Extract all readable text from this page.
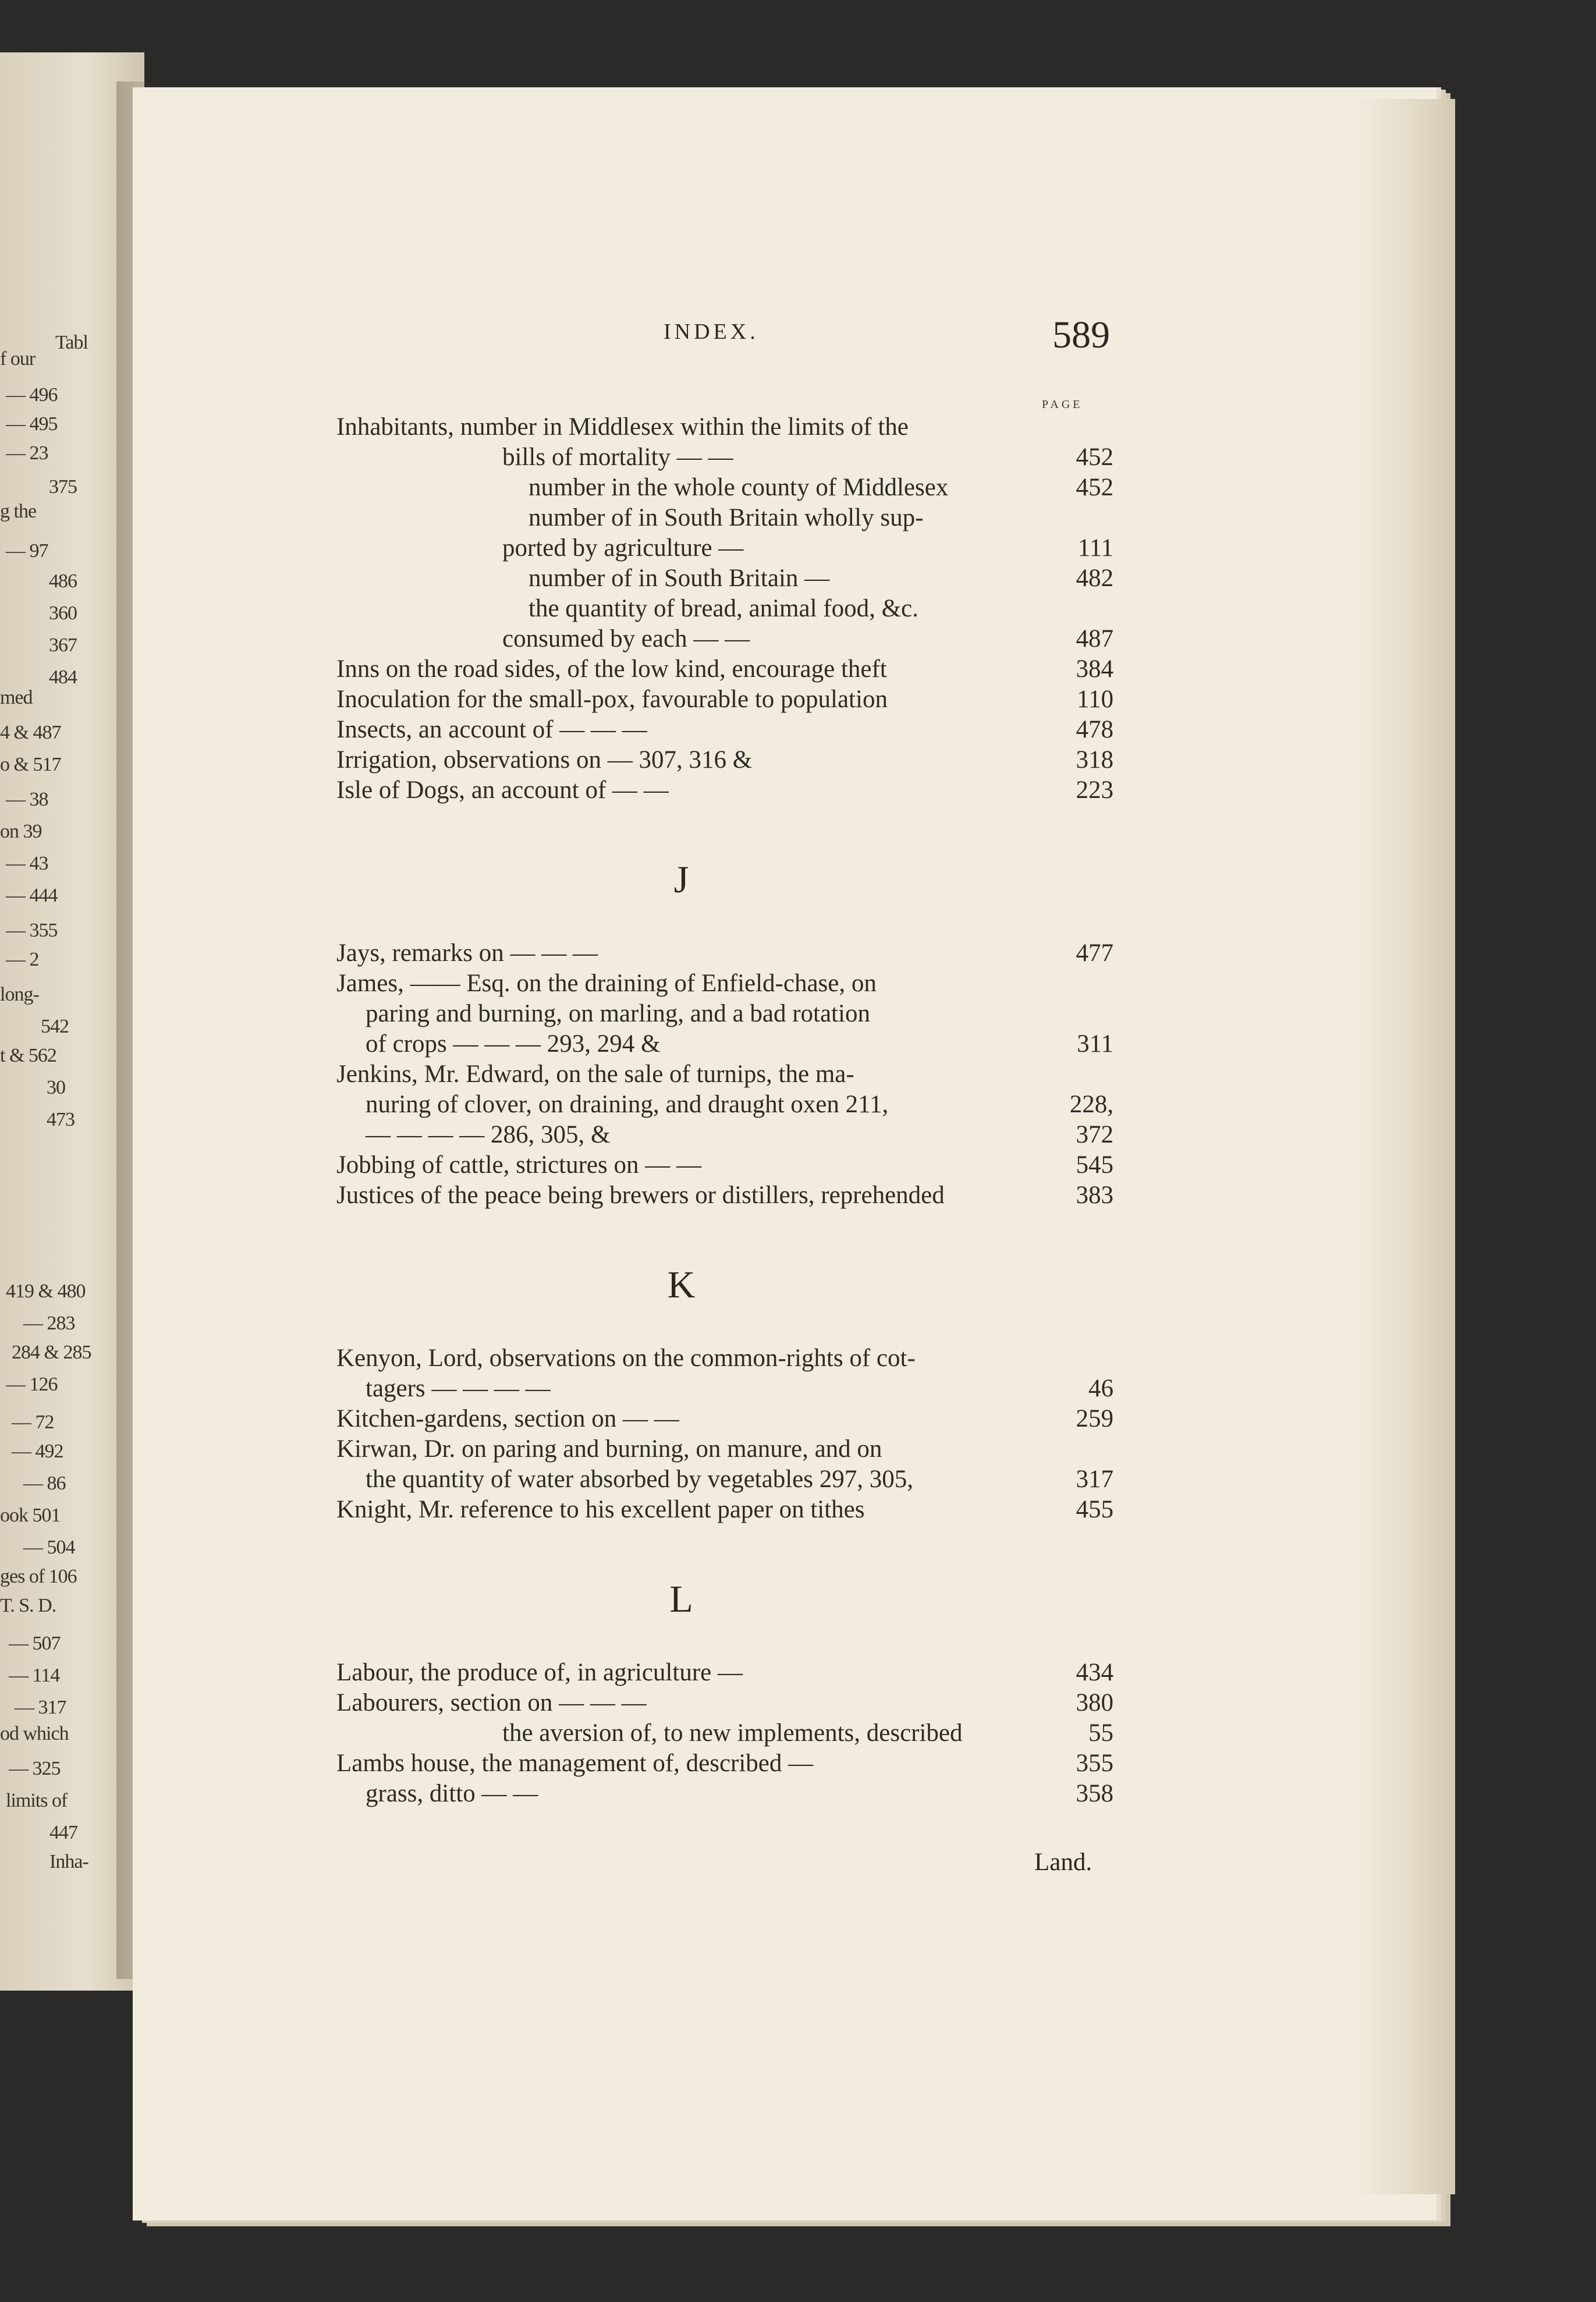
Tabl
f our
— 496
— 495
— 23
375
g the
— 97
486
360
367
484
med
4 & 487
o & 517
— 38
on 39
— 43
— 444
— 355
— 2
long-
542
t & 562
30
473
419 & 480
— 283
284 & 285
— 126
— 72
— 492
— 86
ook 501
— 504
ges of 106
T. S. D.
— 507
— 114
— 317
od which
— 325
limits of
447
Inha-
INDEX.	589
PAGE
Inhabitants, number in Middlesex within the limits of the
bills of mortality — —	452
number in the whole county of Middlesex	452
number of in South Britain wholly sup-
ported by agriculture —	111
number of in South Britain —	482
the quantity of bread, animal food, &c.
consumed by each — —	487
Inns on the road sides, of the low kind, encourage theft	384
Inoculation for the small-pox, favourable to population	110
Insects, an account of — — —	478
Irrigation, observations on — 307, 316 &	318
Isle of Dogs, an account of — —	223
J
Jays, remarks on — — —	477
James, —— Esq. on the draining of Enfield-chase, on
paring and burning, on marling, and a bad rotation
of crops — — — 293, 294 &	311
Jenkins, Mr. Edward, on the sale of turnips, the ma-
nuring of clover, on draining, and draught oxen 211,	228,
— — — — 286, 305, &	372
Jobbing of cattle, strictures on — —	545
Justices of the peace being brewers or distillers, reprehended	383
K
Kenyon, Lord, observations on the common-rights of cot-
tagers — — — —	46
Kitchen-gardens, section on — —	259
Kirwan, Dr. on paring and burning, on manure, and on
the quantity of water absorbed by vegetables 297, 305,	317
Knight, Mr. reference to his excellent paper on tithes	455
L
Labour, the produce of, in agriculture —	434
Labourers, section on — — —	380
the aversion of, to new implements, described	55
Lambs house, the management of, described —	355
grass, ditto — —	358
Land.
